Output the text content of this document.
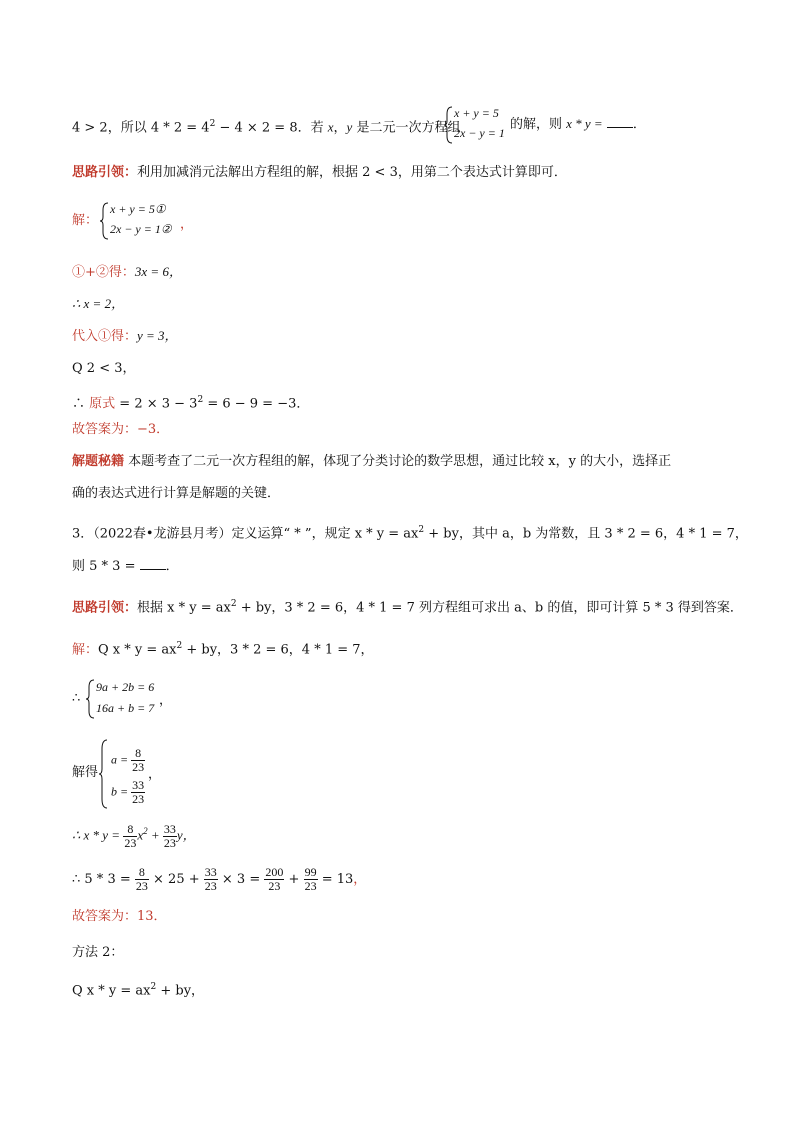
4 > 2，所以 $4 * 2 = 4^2 - 4 \times 2 = 8$．若 x，y 是二元一次方程组
x + y = 5
2x − y = 1
的解，则 x * y = ．
思路引领：利用加减消元法解出方程组的解，根据 2 < 3，用第二个表达式计算即可．
解：
x + y = 5①
2x − y = 1② ，
①+②得：3x = 6，
∴ x = 2，
代入①得：y = 3，
Q 2 < 3，
∴ 原式 = $2 \times 3 - 3^2 = 6 - 9 = -3$．
故答案为：−3．
解题秘籍 本题考查了二元一次方程组的解，体现了分类讨论的数学思想，通过比较 x，y 的大小，选择正
确的表达式进行计算是解题的关键．
3．（2022春•龙游县月考）定义运算“ * ”，规定 $x * y = ax^2$ + by，其中 a，b 为常数，且 3 * 2 = 6，4 * 1 = 7，
则 5 * 3 = ．
思路引领：根据 $x * y = ax^2$ + by，3 * 2 = 6，4 * 1 = 7 列方程组可求出 a、b 的值，即可计算 5 * 3 得到答案．
解：Q $x * y = ax^2$ + by，3 * 2 = 6，4 * 1 = 7，
∴
9a + 2b = 6
16a + b = 7 ，
解得
$a = \frac{8}{23}$
$b = \frac{33}{23}$
，
∴ $x * y = \frac{8}{23} x^2 + \frac{33}{23}$ y，
∴ $5 * 3 = \frac{8}{23} \times 25 + \frac{33}{23} \times 3 = \frac{200}{23} + \frac{99}{23} = 13$，
故答案为：13．
方法 2：
Q $x * y = ax^2$ + by，
